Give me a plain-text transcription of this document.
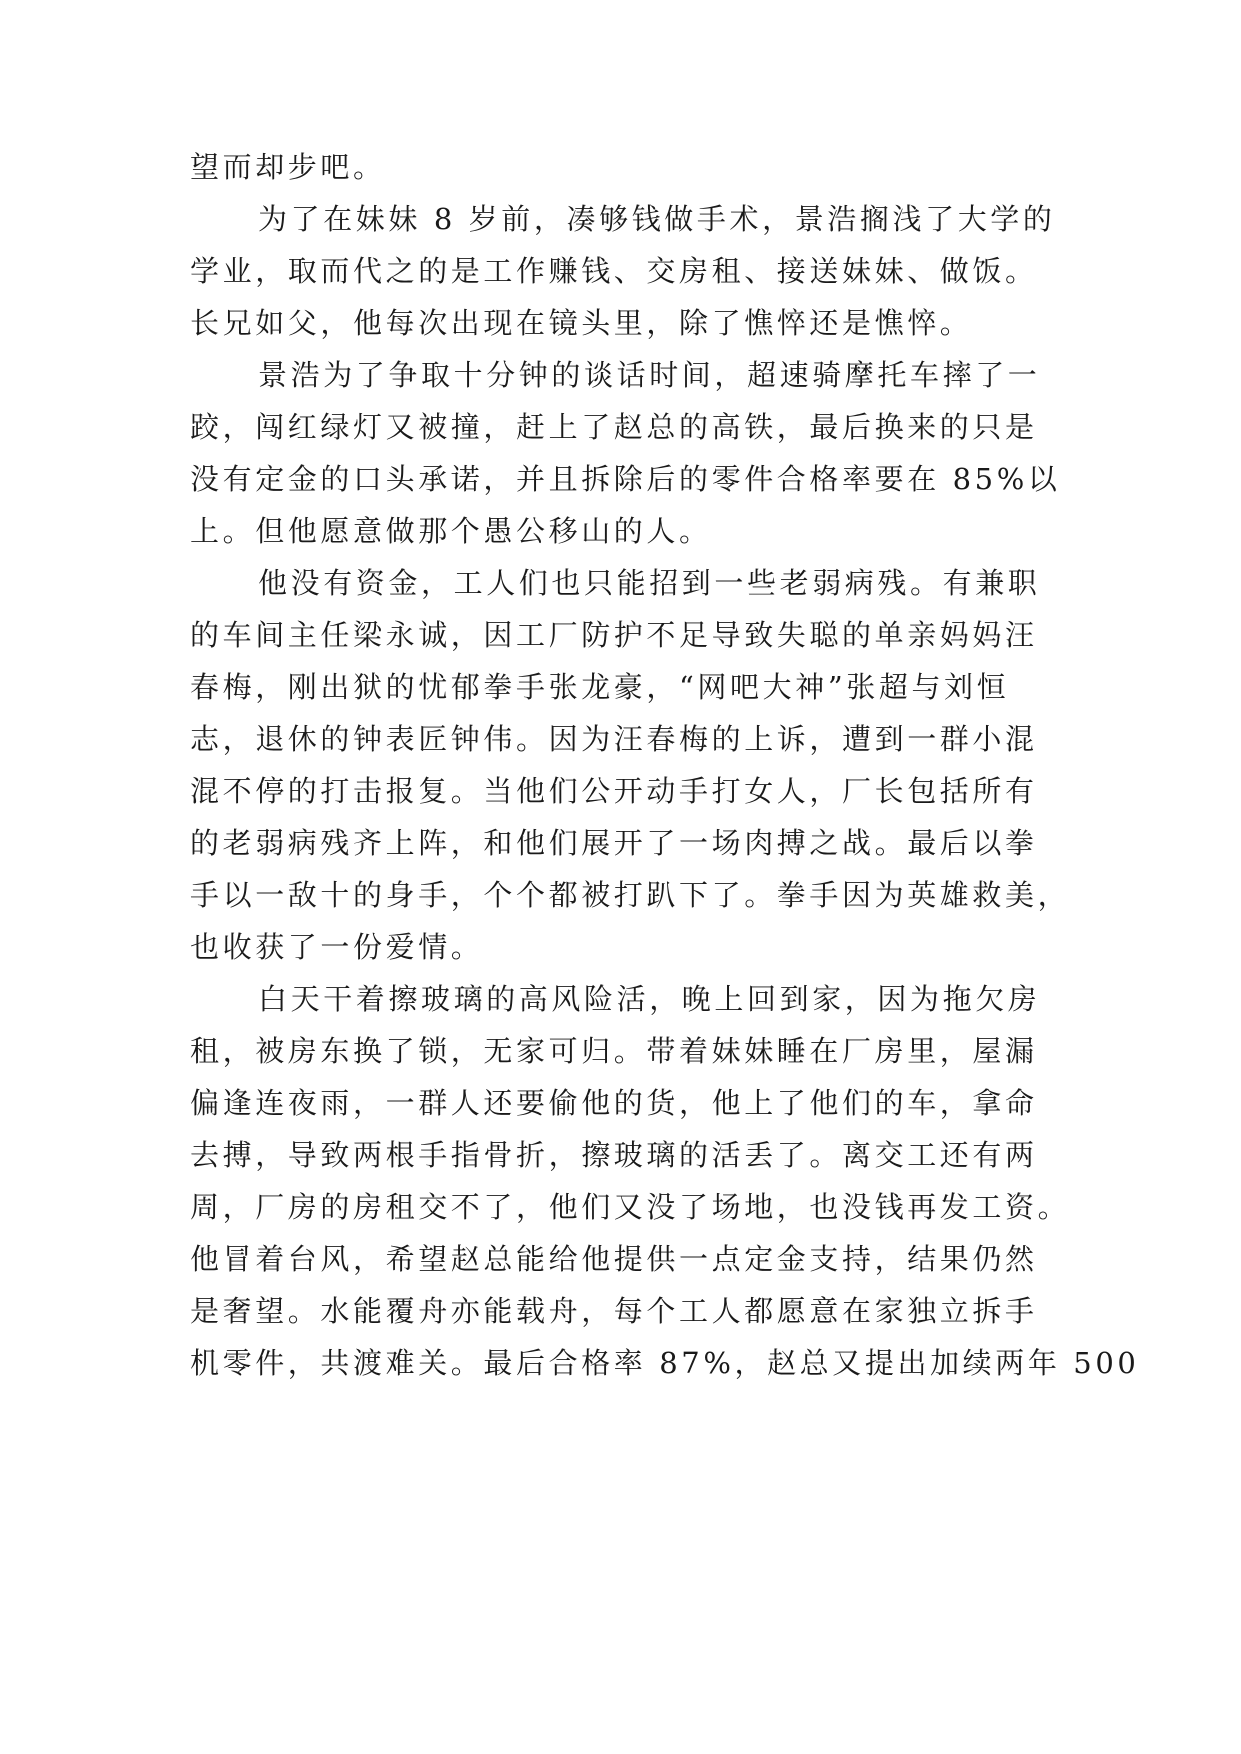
望而却步吧。
为了在妹妹 8 岁前，凑够钱做手术，景浩搁浅了大学的
学业，取而代之的是工作赚钱、交房租、接送妹妹、做饭。
长兄如父，他每次出现在镜头里，除了憔悴还是憔悴。
景浩为了争取十分钟的谈话时间，超速骑摩托车摔了一
跤，闯红绿灯又被撞，赶上了赵总的高铁，最后换来的只是
没有定金的口头承诺，并且拆除后的零件合格率要在 85%以
上。但他愿意做那个愚公移山的人。
他没有资金，工人们也只能招到一些老弱病残。有兼职
的车间主任梁永诚，因工厂防护不足导致失聪的单亲妈妈汪
春梅，刚出狱的忧郁拳手张龙豪，“网吧大神”张超与刘恒
志，退休的钟表匠钟伟。因为汪春梅的上诉，遭到一群小混
混不停的打击报复。当他们公开动手打女人，厂长包括所有
的老弱病残齐上阵，和他们展开了一场肉搏之战。最后以拳
手以一敌十的身手，个个都被打趴下了。拳手因为英雄救美，
也收获了一份爱情。
白天干着擦玻璃的高风险活，晚上回到家，因为拖欠房
租，被房东换了锁，无家可归。带着妹妹睡在厂房里，屋漏
偏逢连夜雨，一群人还要偷他的货，他上了他们的车，拿命
去搏，导致两根手指骨折，擦玻璃的活丢了。离交工还有两
周，厂房的房租交不了，他们又没了场地，也没钱再发工资。
他冒着台风，希望赵总能给他提供一点定金支持，结果仍然
是奢望。水能覆舟亦能载舟，每个工人都愿意在家独立拆手
机零件，共渡难关。最后合格率 87%，赵总又提出加续两年 500
